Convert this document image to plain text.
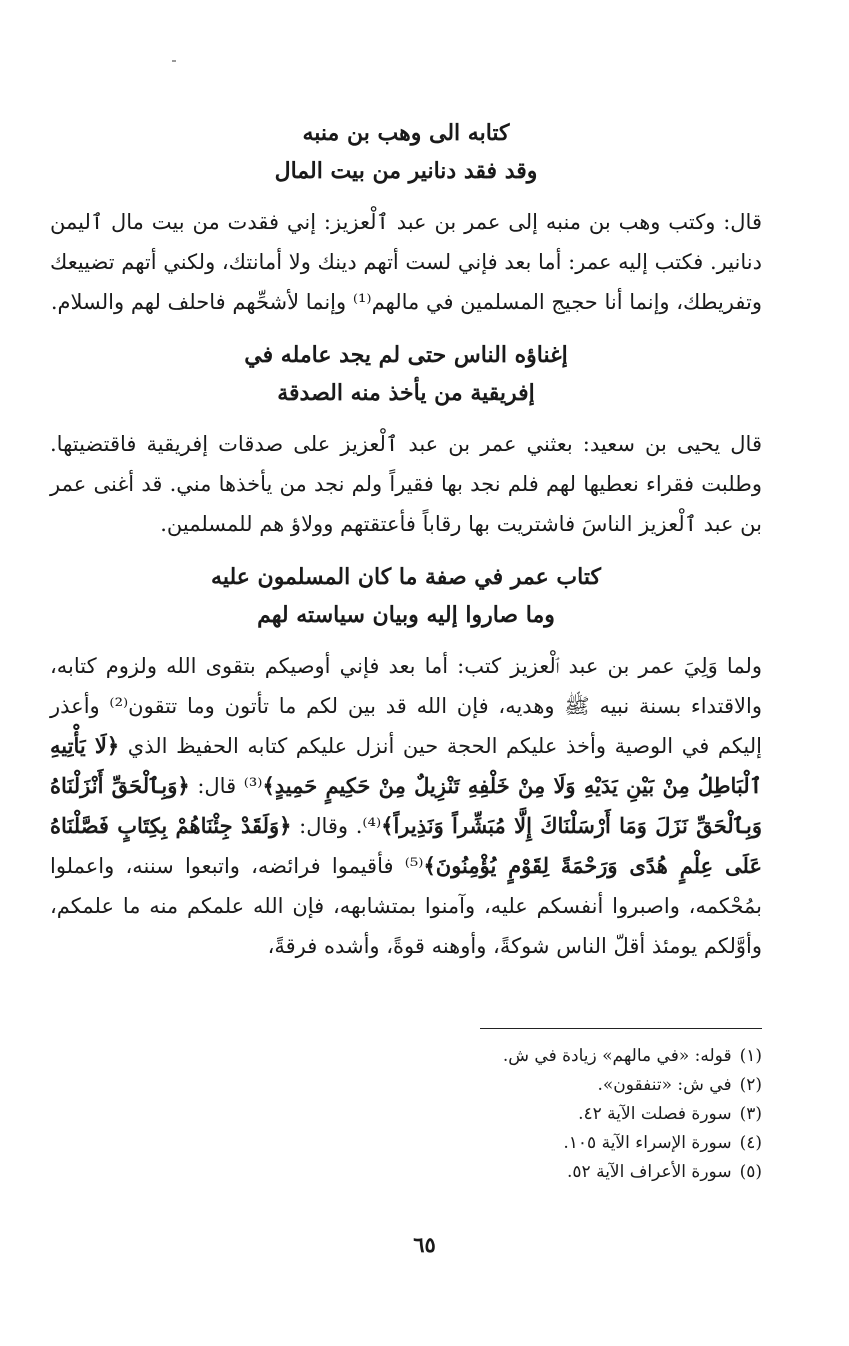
كتابه الى وهب بن منبه
وقد فقد دنانير من بيت المال

قال: وكتب وهب بن منبه إلى عمر بن عبد ٱلْعزيز: إني فقدت من بيت مال ٱليمن دنانير. فكتب إليه عمر: أما بعد فإني لست أتهم دينك ولا أمانتك، ولكني أتهم تضييعك وتفريطك، وإنما أنا حجيج المسلمين في مالهم⁽¹⁾ وإنما لأشحِّهم فاحلف لهم والسلام.

إغناؤه الناس حتى لم يجد عامله في
إفريقية من يأخذ منه الصدقة

قال يحيى بن سعيد: بعثني عمر بن عبد ٱلْعزيز على صدقات إفريقية فاقتضيتها. وطلبت فقراء نعطيها لهم فلم نجد بها فقيراً ولم نجد من يأخذها مني. قد أغنى عمر بن عبد ٱلْعزيز الناسَ فاشتريت بها رقاباً فأعتقتهم وولاؤ هم للمسلمين.

كتاب عمر في صفة ما كان المسلمون عليه
وما صاروا إليه وبيان سياسته لهم

ولما وَلِيَ عمر بن عبد ٱلْعزيز كتب: أما بعد فإني أوصيكم بتقوى الله ولزوم كتابه، والاقتداء بسنة نبيه ﷺ وهديه، فإن الله قد بين لكم ما تأتون وما تتقون⁽²⁾ وأعذر إليكم في الوصية وأخذ عليكم الحجة حين أنزل عليكم كتابه الحفيظ الذي ﴿لَا يَأْتِيهِ ٱلْبَاطِلُ مِنْ بَيْنِ يَدَيْهِ وَلَا مِنْ خَلْفِهِ تَنْزِيلٌ مِنْ حَكِيمٍ حَمِيدٍ﴾⁽³⁾ قال: ﴿وَبِٱلْحَقِّ أَنْزَلْنَاهُ وَبِٱلْحَقِّ نَزَلَ وَمَا أَرْسَلْنَاكَ إِلَّا مُبَشِّراً وَنَذِيراً﴾⁽⁴⁾. وقال: ﴿وَلَقَدْ جِئْنَاهُمْ بِكِتَابٍ فَصَّلْنَاهُ عَلَى عِلْمٍ هُدًى وَرَحْمَةً لِقَوْمٍ يُؤْمِنُونَ﴾⁽⁵⁾ فأقيموا فرائضه، واتبعوا سننه، واعملوا بمُحْكمه، واصبروا أنفسكم عليه، وآمنوا بمتشابهه، فإن الله علمكم منه ما علمكم، وأوَّلكم يومئذ أقلّ الناس شوكةً، وأوهنه قوةً، وأشده فرقةً،

(١)قوله: «في مالهم» زيادة في ش.
(٢)في ش: «تنفقون».
(٣)سورة فصلت الآية ٤٢.
(٤)سورة الإسراء الآية ١٠٥.
(٥)سورة الأعراف الآية ٥٢.
٦٥
